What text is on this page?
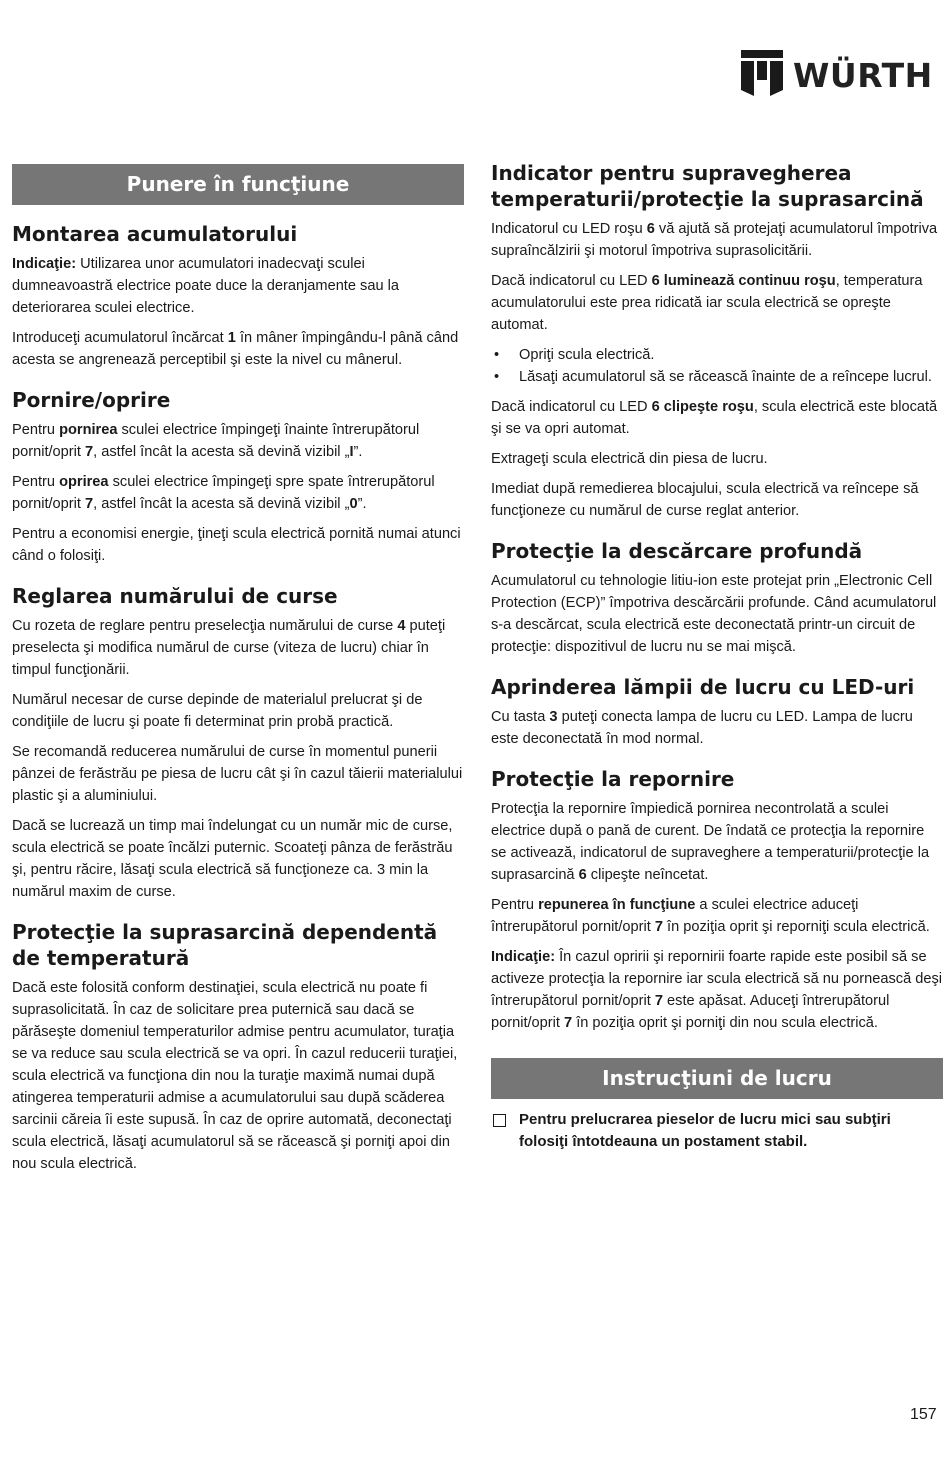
WÜRTH
Punere în funcţiune
Montarea acumulatorului

Indicaţie: Utilizarea unor acumulatori inadecvaţi sculei dumneavoastră electrice poate duce la deranjamente sau la deteriorarea sculei electrice.

Introduceţi acumulatorul încărcat 1 în mâner împingându-l până când acesta se angrenează perceptibil şi este la nivel cu mânerul.

Pornire/oprire

Pentru pornirea sculei electrice împingeţi înainte întrerupătorul pornit/oprit 7, astfel încât la acesta să devină vizibil „I”.

Pentru oprirea sculei electrice împingeţi spre spate întrerupătorul pornit/oprit 7, astfel încât la acesta să devină vizibil „0”.

Pentru a economisi energie, ţineţi scula electrică pornită numai atunci când o folosiţi.

Reglarea numărului de curse

Cu rozeta de reglare pentru preselecţia numărului de curse 4 puteţi preselecta şi modifica numărul de curse (viteza de lucru) chiar în timpul funcţionării.

Numărul necesar de curse depinde de materialul prelucrat şi de condiţiile de lucru şi poate fi determinat prin probă practică.

Se recomandă reducerea numărului de curse în momentul punerii pânzei de ferăstrău pe piesa de lucru cât şi în cazul tăierii materialului plastic şi a aluminiului.

Dacă se lucrează un timp mai îndelungat cu un număr mic de curse, scula electrică se poate încălzi puternic. Scoateţi pânza de ferăstrău şi, pentru răcire, lăsaţi scula electrică să funcţioneze ca. 3 min la numărul maxim de curse.

Protecţie la suprasarcină dependentă de temperatură

Dacă este folosită conform destinaţiei, scula electrică nu poate fi suprasolicitată. În caz de solicitare prea puternică sau dacă se părăseşte domeniul temperaturilor admise pentru acumulator, turaţia se va reduce sau scula electrică se va opri. În cazul reducerii turaţiei, scula electrică va funcţiona din nou la turaţie maximă numai după atingerea temperaturii admise a acumulatorului sau după scăderea sarcinii căreia îi este supusă. În caz de oprire automată, deconectaţi scula electrică, lăsaţi acumulatorul să se răcească şi porniţi apoi din nou scula electrică.

Indicator pentru supravegherea temperaturii/protecţie la suprasarcină

Indicatorul cu LED roşu 6 vă ajută să protejaţi acumulatorul împotriva supraîncălzirii şi motorul împotriva suprasolicitării.

Dacă indicatorul cu LED 6 luminează continuu roşu, temperatura acumulatorului este prea ridicată iar scula electrică se opreşte automat.

• Opriţi scula electrică.
• Lăsaţi acumulatorul să se răcească înainte de a reîncepe lucrul.

Dacă indicatorul cu LED 6 clipeşte roşu, scula electrică este blocată şi se va opri automat.

Extrageţi scula electrică din piesa de lucru.

Imediat după remedierea blocajului, scula electrică va reîncepe să funcţioneze cu numărul de curse reglat anterior.

Protecţie la descărcare profundă

Acumulatorul cu tehnologie litiu-ion este protejat prin „Electronic Cell Protection (ECP)” împotriva descărcării profunde. Când acumulatorul s-a descărcat, scula electrică este deconectată printr-un circuit de protecţie: dispozitivul de lucru nu se mai mişcă.

Aprinderea lămpii de lucru cu LED-uri

Cu tasta 3 puteţi conecta lampa de lucru cu LED. Lampa de lucru este deconectată în mod normal.

Protecţie la repornire

Protecţia la repornire împiedică pornirea necontrolată a sculei electrice după o pană de curent. De îndată ce protecţia la repornire se activează, indicatorul de supraveghere a temperaturii/protecţie la suprasarcină 6 clipeşte neîncetat.

Pentru repunerea în funcţiune a sculei electrice aduceţi întrerupătorul pornit/oprit 7 în poziţia oprit şi reporniţi scula electrică.

Indicaţie: În cazul opririi şi repornirii foarte rapide este posibil să se activeze protecţia la repornire iar scula electrică să nu pornească deşi întrerupătorul pornit/oprit 7 este apăsat. Aduceţi întrerupătorul pornit/oprit 7 în poziţia oprit şi porniţi din nou scula electrică.

Instrucţiuni de lucru
Pentru prelucrarea pieselor de lucru mici sau subţiri folosiţi întotdeauna un postament stabil.
157
